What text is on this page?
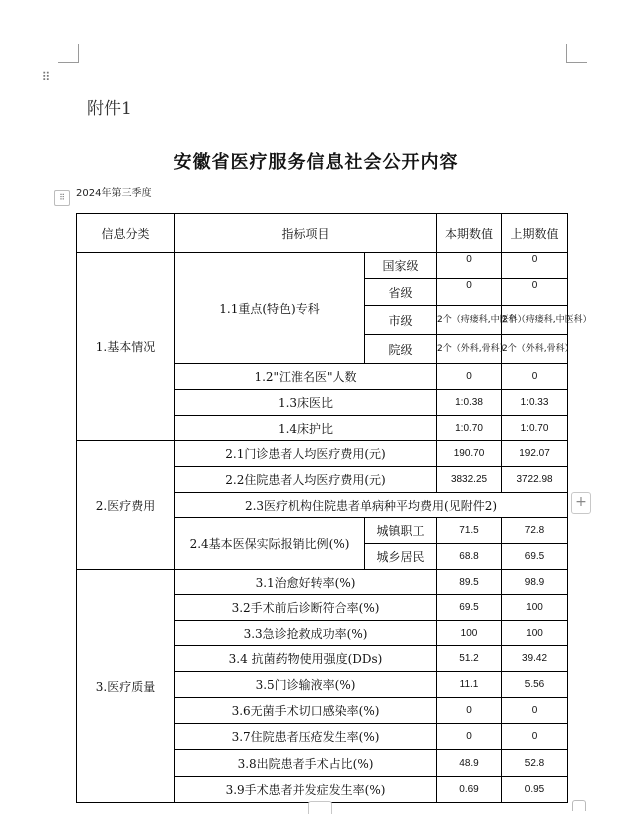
⠿
附件1
安徽省医疗服务信息社会公开内容
2024年第三季度
⠿
信息分类	指标项目		本期数值	上期数值
1.基本情况	1.1重点(特色)专科	国家级	0	0
		省级	0	0
		市级	2个（痔瘘科,中医科）	2个（痔瘘科,中医科）
		院级	2个（外科,骨科）	2个（外科,骨科）
	1.2"江淮名医"人数		0	0
	1.3床医比		1:0.38	1:0.33
	1.4床护比		1:0.70	1:0.70
2.医疗费用	2.1门诊患者人均医疗费用(元)		190.70	192.07
	2.2住院患者人均医疗费用(元)		3832.25	3722.98
	2.3医疗机构住院患者单病种平均费用(见附件2)			
	2.4基本医保实际报销比例(%)	城镇职工	71.5	72.8
		城乡居民	68.8	69.5
3.医疗质量	3.1治愈好转率(%)		89.5	98.9
	3.2手术前后诊断符合率(%)		69.5	100
	3.3急诊抢救成功率(%)		100	100
	3.4 抗菌药物使用强度(DDs)		51.2	39.42
	3.5门诊输液率(%)		11.1	5.56
	3.6无菌手术切口感染率(%)		0	0
	3.7住院患者压疮发生率(%)		0	0
	3.8出院患者手术占比(%)		48.9	52.8
	3.9手术患者并发症发生率(%)		0.69	0.95
+
